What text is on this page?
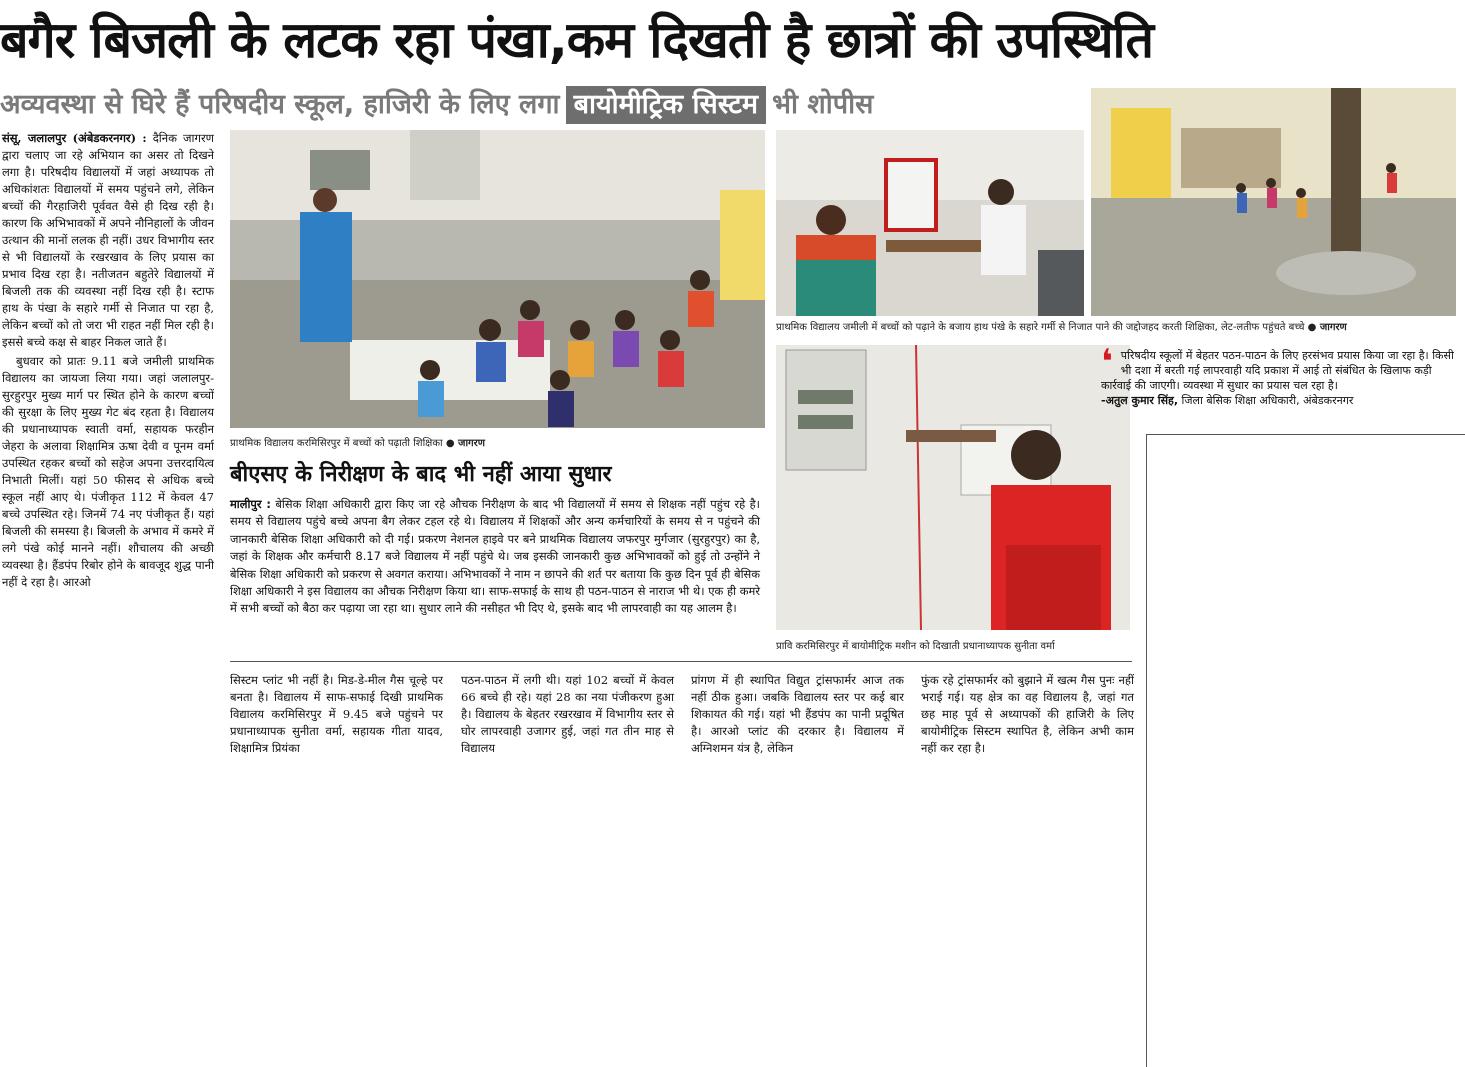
बगैर बिजली के लटक रहा पंखा,कम दिखती है छात्रों की उपस्थिति
अव्यवस्था से घिरे हैं परिषदीय स्कूल, हाजिरी के लिए लगा बायोमीट्रिक सिस्टम भी शोपीस

संसू, जलालपुर (अंबेडकरनगर) : दैनिक जागरण द्वारा चलाए जा रहे अभियान का असर तो दिखने लगा है। परिषदीय विद्यालयों में जहां अध्यापक तो अधिकांशतः विद्यालयों में समय पहुंचने लगे, लेकिन बच्चों की गैरहाजिरी पूर्ववत वैसे ही दिख रही है। कारण कि अभिभावकों में अपने नौनिहालों के जीवन उत्थान की मानों ललक ही नहीं। उधर विभागीय स्तर से भी विद्यालयों के रखरखाव के लिए प्रयास का प्रभाव दिख रहा है। नतीजतन बहुतेरे विद्यालयों में बिजली तक की व्यवस्था नहीं दिख रही है। स्टाफ हाथ के पंखा के सहारे गर्मी से निजात पा रहा है, लेकिन बच्चों को तो जरा भी राहत नहीं मिल रही है। इससे बच्चे कक्ष से बाहर निकल जाते हैं।

बुधवार को प्रातः 9.11 बजे जमीली प्राथमिक विद्यालय का जायजा लिया गया। जहां जलालपुर-सुरहुरपुर मुख्य मार्ग पर स्थित होने के कारण बच्चों की सुरक्षा के लिए मुख्य गेट बंद रहता है। विद्यालय की प्रधानाध्यापक स्वाती वर्मा, सहायक फरहीन जेहरा के अलावा शिक्षामित्र ऊषा देवी व पूनम वर्मा उपस्थित रहकर बच्चों को सहेज अपना उत्तरदायित्व निभाती मिलीं। यहां 50 फीसद से अधिक बच्चे स्कूल नहीं आए थे। पंजीकृत 112 में केवल 47 बच्चे उपस्थित रहे। जिनमें 74 नए पंजीकृत हैं। यहां बिजली की समस्या है। बिजली के अभाव में कमरे में लगे पंखे कोई मानने नहीं। शौचालय की अच्छी व्यवस्था है। हैंडपंप रिबोर होने के बावजूद शुद्ध पानी नहीं दे रहा है। आरओ

प्राथमिक विद्यालय करमिसिरपुर में बच्चों को पढ़ाती शिक्षिका ● जागरण
प्राथमिक विद्यालय जमीली में बच्चों को पढ़ाने के बजाय हाथ पंखे के सहारे गर्मी से निजात पाने की जद्दोजहद करती शिक्षिका, लेट-लतीफ पहुंचते बच्चे ● जागरण
प्रावि करमिसिरपुर में बायोमीट्रिक मशीन को दिखाती प्रधानाध्यापक सुनीता वर्मा
बीएसए के निरीक्षण के बाद भी नहीं आया सुधार
मालीपुर : बेसिक शिक्षा अधिकारी द्वारा किए जा रहे औचक निरीक्षण के बाद भी विद्यालयों में समय से शिक्षक नहीं पहुंच रहे है। समय से विद्यालय पहुंचे बच्चे अपना बैग लेकर टहल रहे थे। विद्यालय में शिक्षकों और अन्य कर्मचारियों के समय से न पहुंचने की जानकारी बेसिक शिक्षा अधिकारी को दी गई। प्रकरण नेशनल हाइवे पर बने प्राथमिक विद्यालय जफरपुर मुर्गजार (सुरहुरपुर) का है, जहां के शिक्षक और कर्मचारी 8.17 बजे विद्यालय में नहीं पहुंचे थे। जब इसकी जानकारी कुछ अभिभावकों को हुई तो उन्होंने ने बेसिक शिक्षा अधिकारी को प्रकरण से अवगत कराया। अभिभावकों ने नाम न छापने की शर्त पर बताया कि कुछ दिन पूर्व ही बेसिक शिक्षा अधिकारी ने इस विद्यालय का औचक निरीक्षण किया था। साफ-सफाई के साथ ही पठन-पाठन से नाराज भी थे। एक ही कमरे में सभी बच्चों को बैठा कर पढ़ाया जा रहा था। सुधार लाने की नसीहत भी दिए थे, इसके बाद भी लापरवाही का यह आलम है।
❛ परिषदीय स्कूलों में बेहतर पठन-पाठन के लिए हरसंभव प्रयास किया जा रहा है। किसी भी दशा में बरती गई लापरवाही यदि प्रकाश में आई तो संबंधित के खिलाफ कड़ी कार्रवाई की जाएगी। व्यवस्था में सुधार का प्रयास चल रहा है।
-अतुल कुमार सिंह, जिला बेसिक शिक्षा अधिकारी, अंबेडकरनगर
सिस्टम प्लांट भी नहीं है। मिड-डे-मील गैस चूल्हे पर बनता है। विद्यालय में साफ-सफाई दिखी प्राथमिक विद्यालय करमिसिरपुर में 9.45 बजे पहुंचने पर प्रधानाध्यापक सुनीता वर्मा, सहायक गीता यादव, शिक्षामित्र प्रियंका
पठन-पाठन में लगी थी। यहां 102 बच्चों में केवल 66 बच्चे ही रहे। यहां 28 का नया पंजीकरण हुआ है। विद्यालय के बेहतर रखरखाव में विभागीय स्तर से घोर लापरवाही उजागर हुई, जहां गत तीन माह से विद्यालय
प्रांगण में ही स्थापित विद्युत ट्रांसफार्मर आज तक नहीं ठीक हुआ। जबकि विद्यालय स्तर पर कई बार शिकायत की गई। यहां भी हैंडपंप का पानी प्रदूषित है। आरओ प्लांट की दरकार है। विद्यालय में अग्निशमन यंत्र है, लेकिन
फुंक रहे ट्रांसफार्मर को बुझाने में खत्म गैस पुनः नहीं भराई गई। यह क्षेत्र का वह विद्यालय है, जहां गत छह माह पूर्व से अध्यापकों की हाजिरी के लिए बायोमीट्रिक सिस्टम स्थापित है, लेकिन अभी काम नहीं कर रहा है।
